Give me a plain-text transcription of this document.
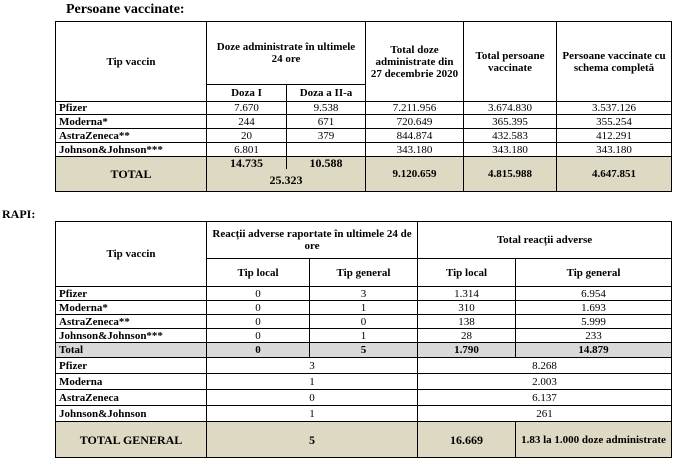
Persoane vaccinate:
Tip vaccin	Doze administrate în ultimele 24 ore		Total doze administrate din 27 decembrie 2020	Total persoane vaccinate	Persoane vaccinate cu schema completă
	Doza I	Doza a II-a			
Pfizer	7.670	9.538	7.211.956	3.674.830	3.537.126
Moderna*	244	671	720.649	365.395	355.254
AstraZeneca**	20	379	844.874	432.583	412.291
Johnson&Johnson***	6.801		343.180	343.180	343.180
TOTAL	14.735	10.588	9.120.659	4.815.988	4.647.851
	25.323				
RAPI:
Tip vaccin	Reacții adverse raportate în ultimele 24 de ore		Total reacții adverse	
	Tip local	Tip general	Tip local	Tip general
Pfizer	0	3	1.314	6.954
Moderna*	0	1	310	1.693
AstraZeneca**	0	0	138	5.999
Johnson&Johnson***	0	1	28	233
Total	0	5	1.790	14.879
Pfizer	3		8.268	
Moderna	1		2.003	
AstraZeneca	0		6.137	
Johnson&Johnson	1		261	
TOTAL GENERAL	5		16.669	1.83 la 1.000 doze administrate
